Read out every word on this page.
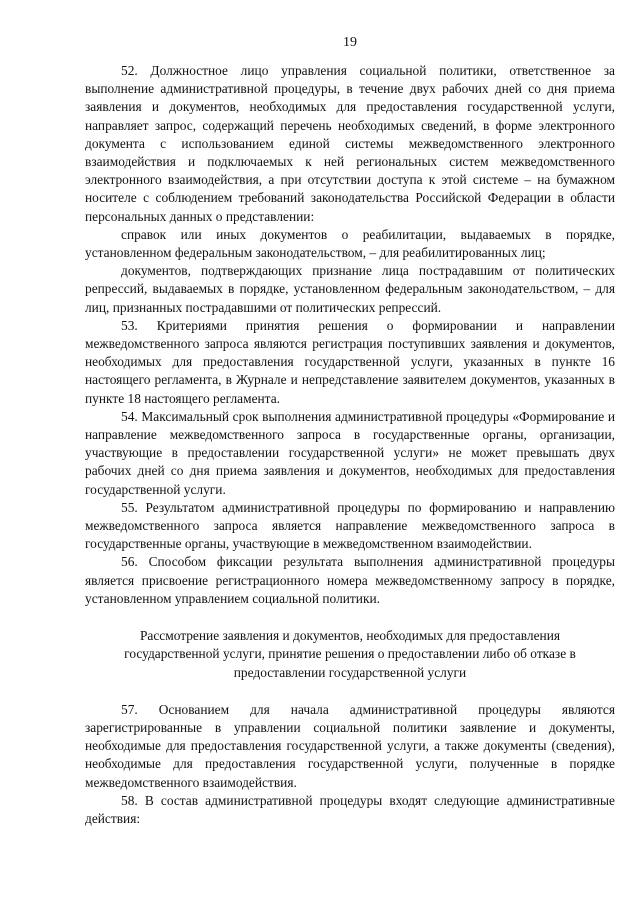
19

52. Должностное лицо управления социальной политики, ответственное за выполнение административной процедуры, в течение двух рабочих дней со дня приема заявления и документов, необходимых для предоставления государственной услуги, направляет запрос, содержащий перечень необходимых сведений, в форме электронного документа с использованием единой системы межведомственного электронного взаимодействия и подключаемых к ней региональных систем межведомственного электронного взаимодействия, а при отсутствии доступа к этой системе – на бумажном носителе с соблюдением требований законодательства Российской Федерации в области персональных данных о представлении:

справок или иных документов о реабилитации, выдаваемых в порядке, установленном федеральным законодательством, – для реабилитированных лиц;

документов, подтверждающих признание лица пострадавшим от политических репрессий, выдаваемых в порядке, установленном федеральным законодательством, – для лиц, признанных пострадавшими от политических репрессий.

53. Критериями принятия решения о формировании и направлении межведомственного запроса являются регистрация поступивших заявления и документов, необходимых для предоставления государственной услуги, указанных в пункте 16 настоящего регламента, в Журнале и непредставление заявителем документов, указанных в пункте 18 настоящего регламента.

54. Максимальный срок выполнения административной процедуры «Формирование и направление межведомственного запроса в государственные органы, организации, участвующие в предоставлении государственной услуги» не может превышать двух рабочих дней со дня приема заявления и документов, необходимых для предоставления государственной услуги.

55. Результатом административной процедуры по формированию и направлению межведомственного запроса является направление межведомственного запроса в государственные органы, участвующие в межведомственном взаимодействии.

56. Способом фиксации результата выполнения административной процедуры является присвоение регистрационного номера межведомственному запросу в порядке, установленном управлением социальной политики.

Рассмотрение заявления и документов, необходимых для предоставления государственной услуги, принятие решения о предоставлении либо об отказе в предоставлении государственной услуги

57. Основанием для начала административной процедуры являются зарегистрированные в управлении социальной политики заявление и документы, необходимые для предоставления государственной услуги, а также документы (сведения), необходимые для предоставления государственной услуги, полученные в порядке межведомственного взаимодействия.

58. В состав административной процедуры входят следующие административные действия:
